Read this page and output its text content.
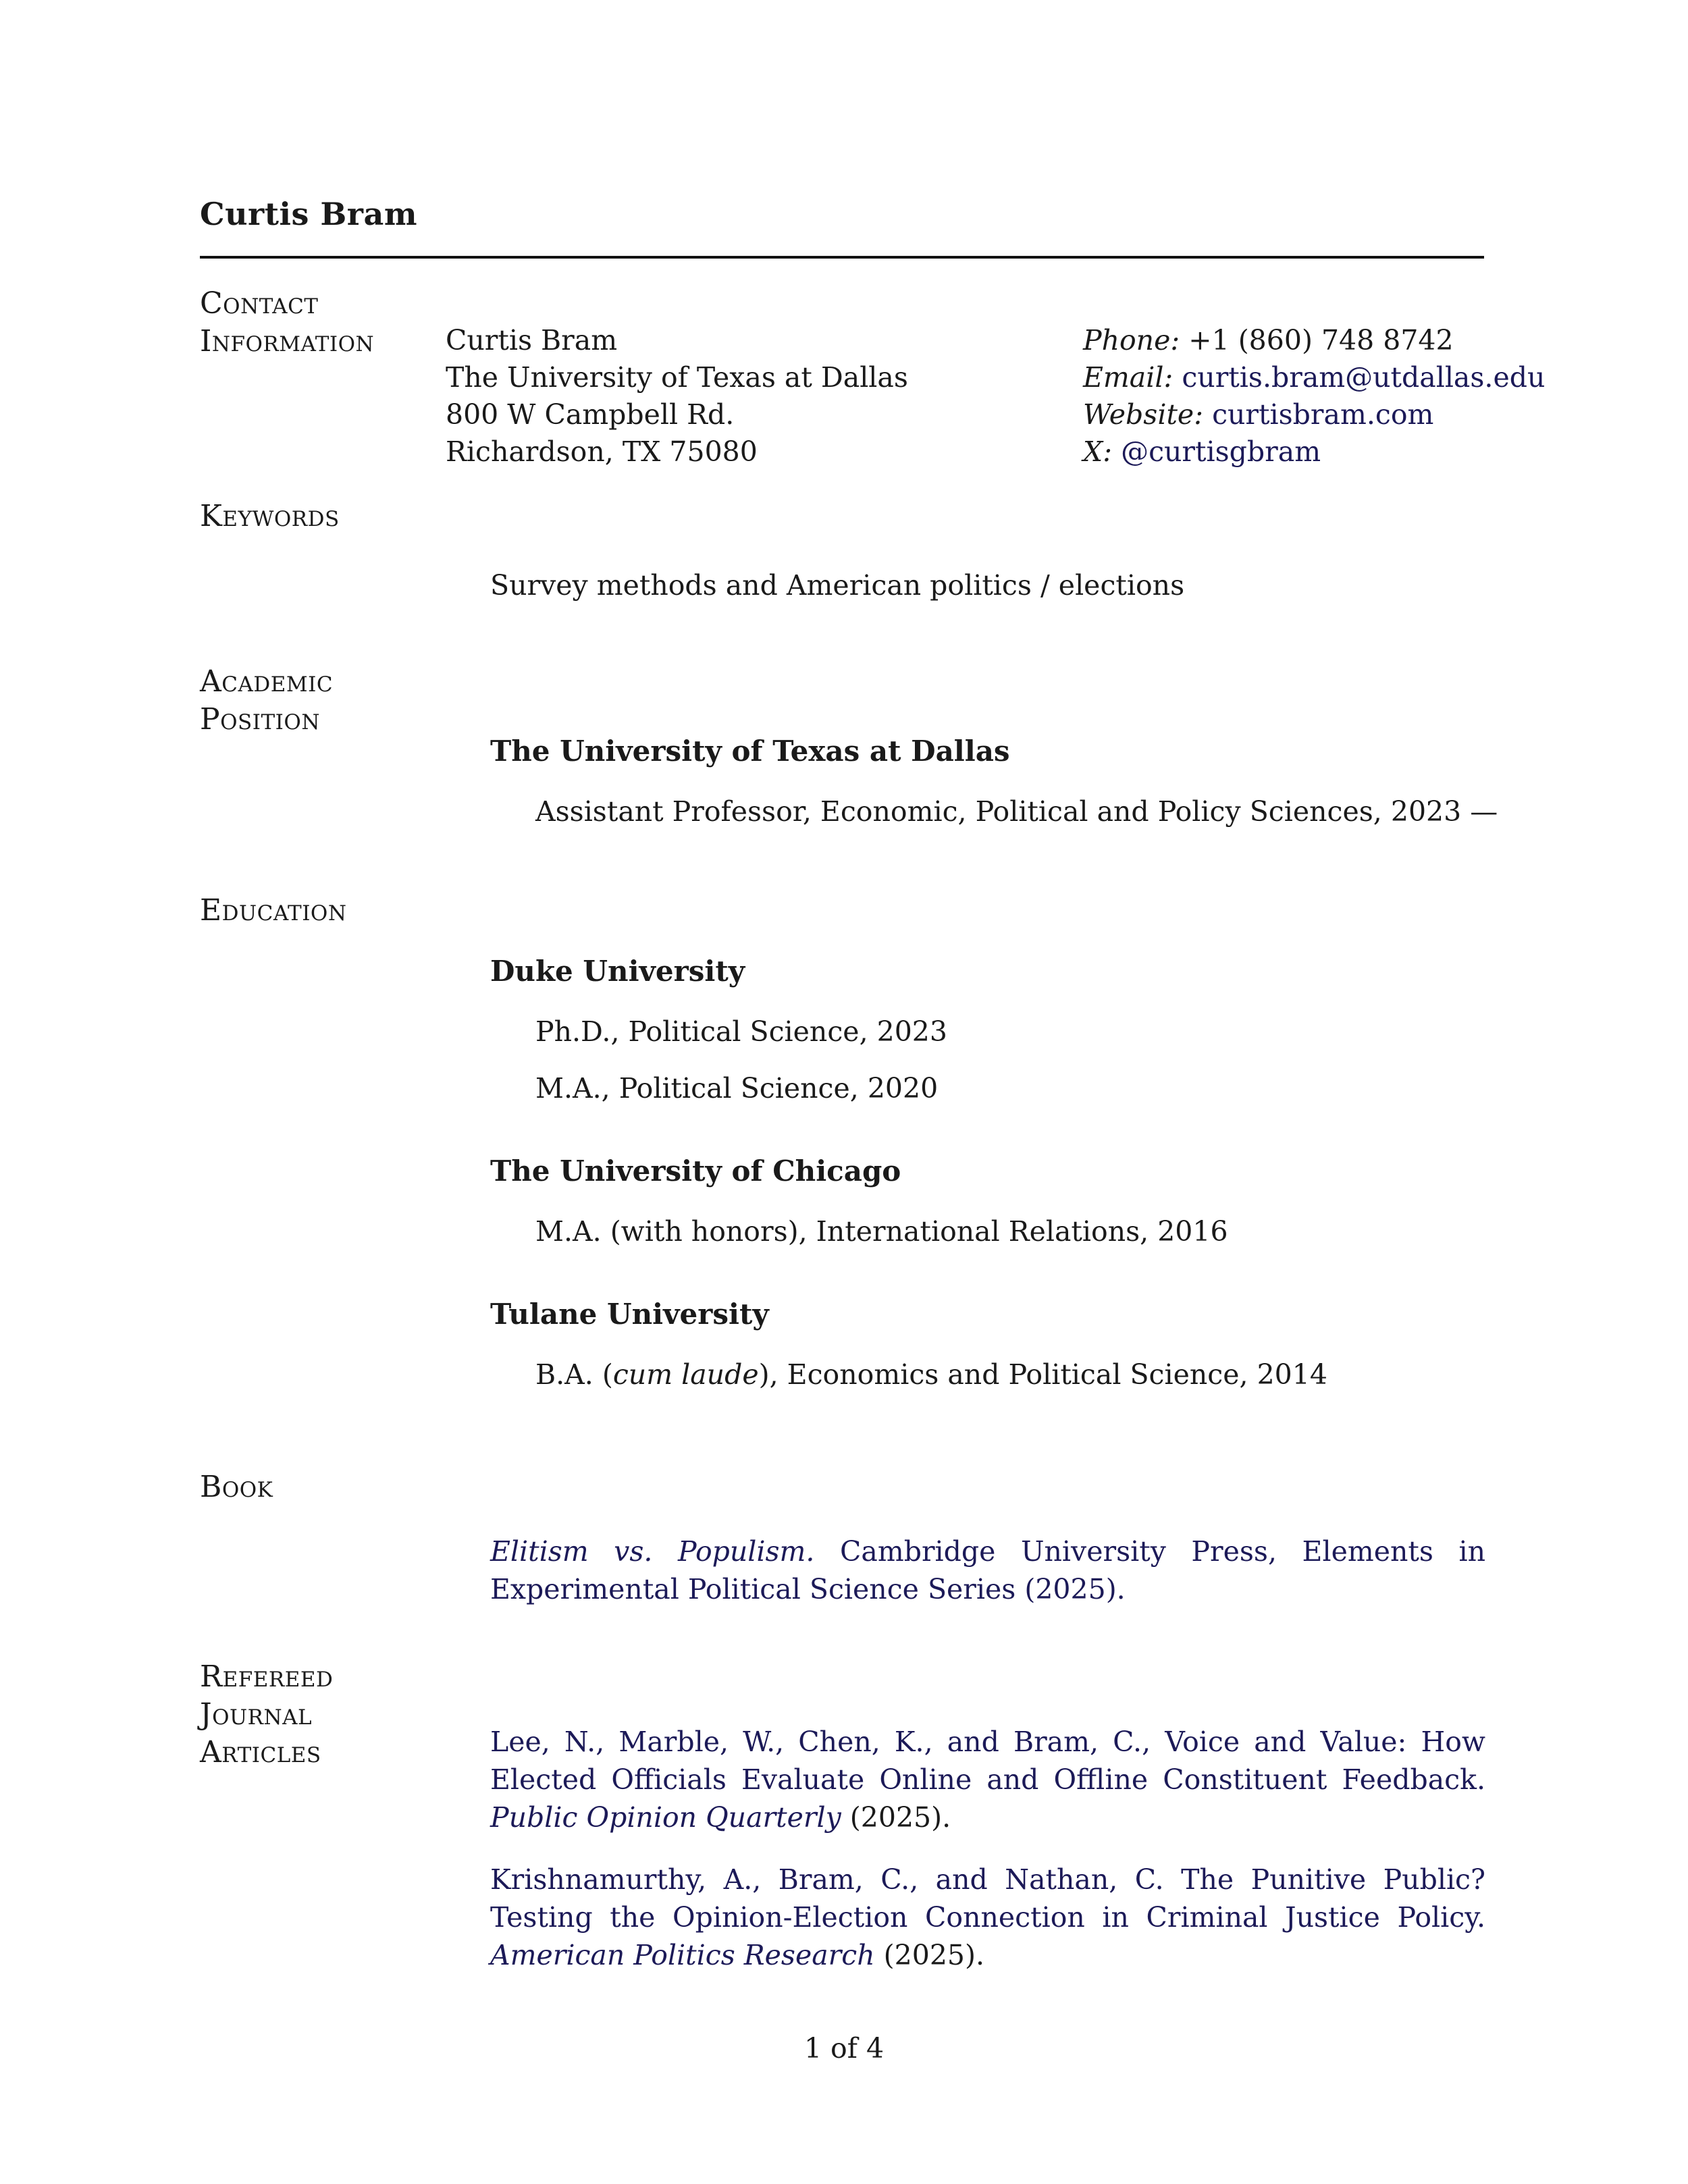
Curtis Bram
Contact
Information	Curtis Bram
The University of Texas at Dallas
800 W Campbell Rd.
Richardson, TX 75080
Phone: +1 (860) 748 8742
Email: curtis.bram@utdallas.edu
Website: curtisbram.com
X: @curtisgbram
Keywords
Survey methods and American politics / elections
Academic
Position
The University of Texas at Dallas
Assistant Professor, Economic, Political and Policy Sciences, 2023 —
Education
Duke University
Ph.D., Political Science, 2023
M.A., Political Science, 2020
The University of Chicago
M.A. (with honors), International Relations, 2016
Tulane University
B.A. (cum laude), Economics and Political Science, 2014
Book
Elitism vs. Populism. Cambridge University Press, Elements in Experimental Political Science Series (2025).
Refereed
Journal
Articles	Lee, N., Marble, W., Chen, K., and Bram, C., Voice and Value: How Elected Officials Evaluate Online and Offline Constituent Feedback. Public Opinion Quarterly (2025).
Krishnamurthy, A., Bram, C., and Nathan, C. The Punitive Public? Testing the Opinion-Election Connection in Criminal Justice Policy. American Politics Research (2025).
1 of 4
